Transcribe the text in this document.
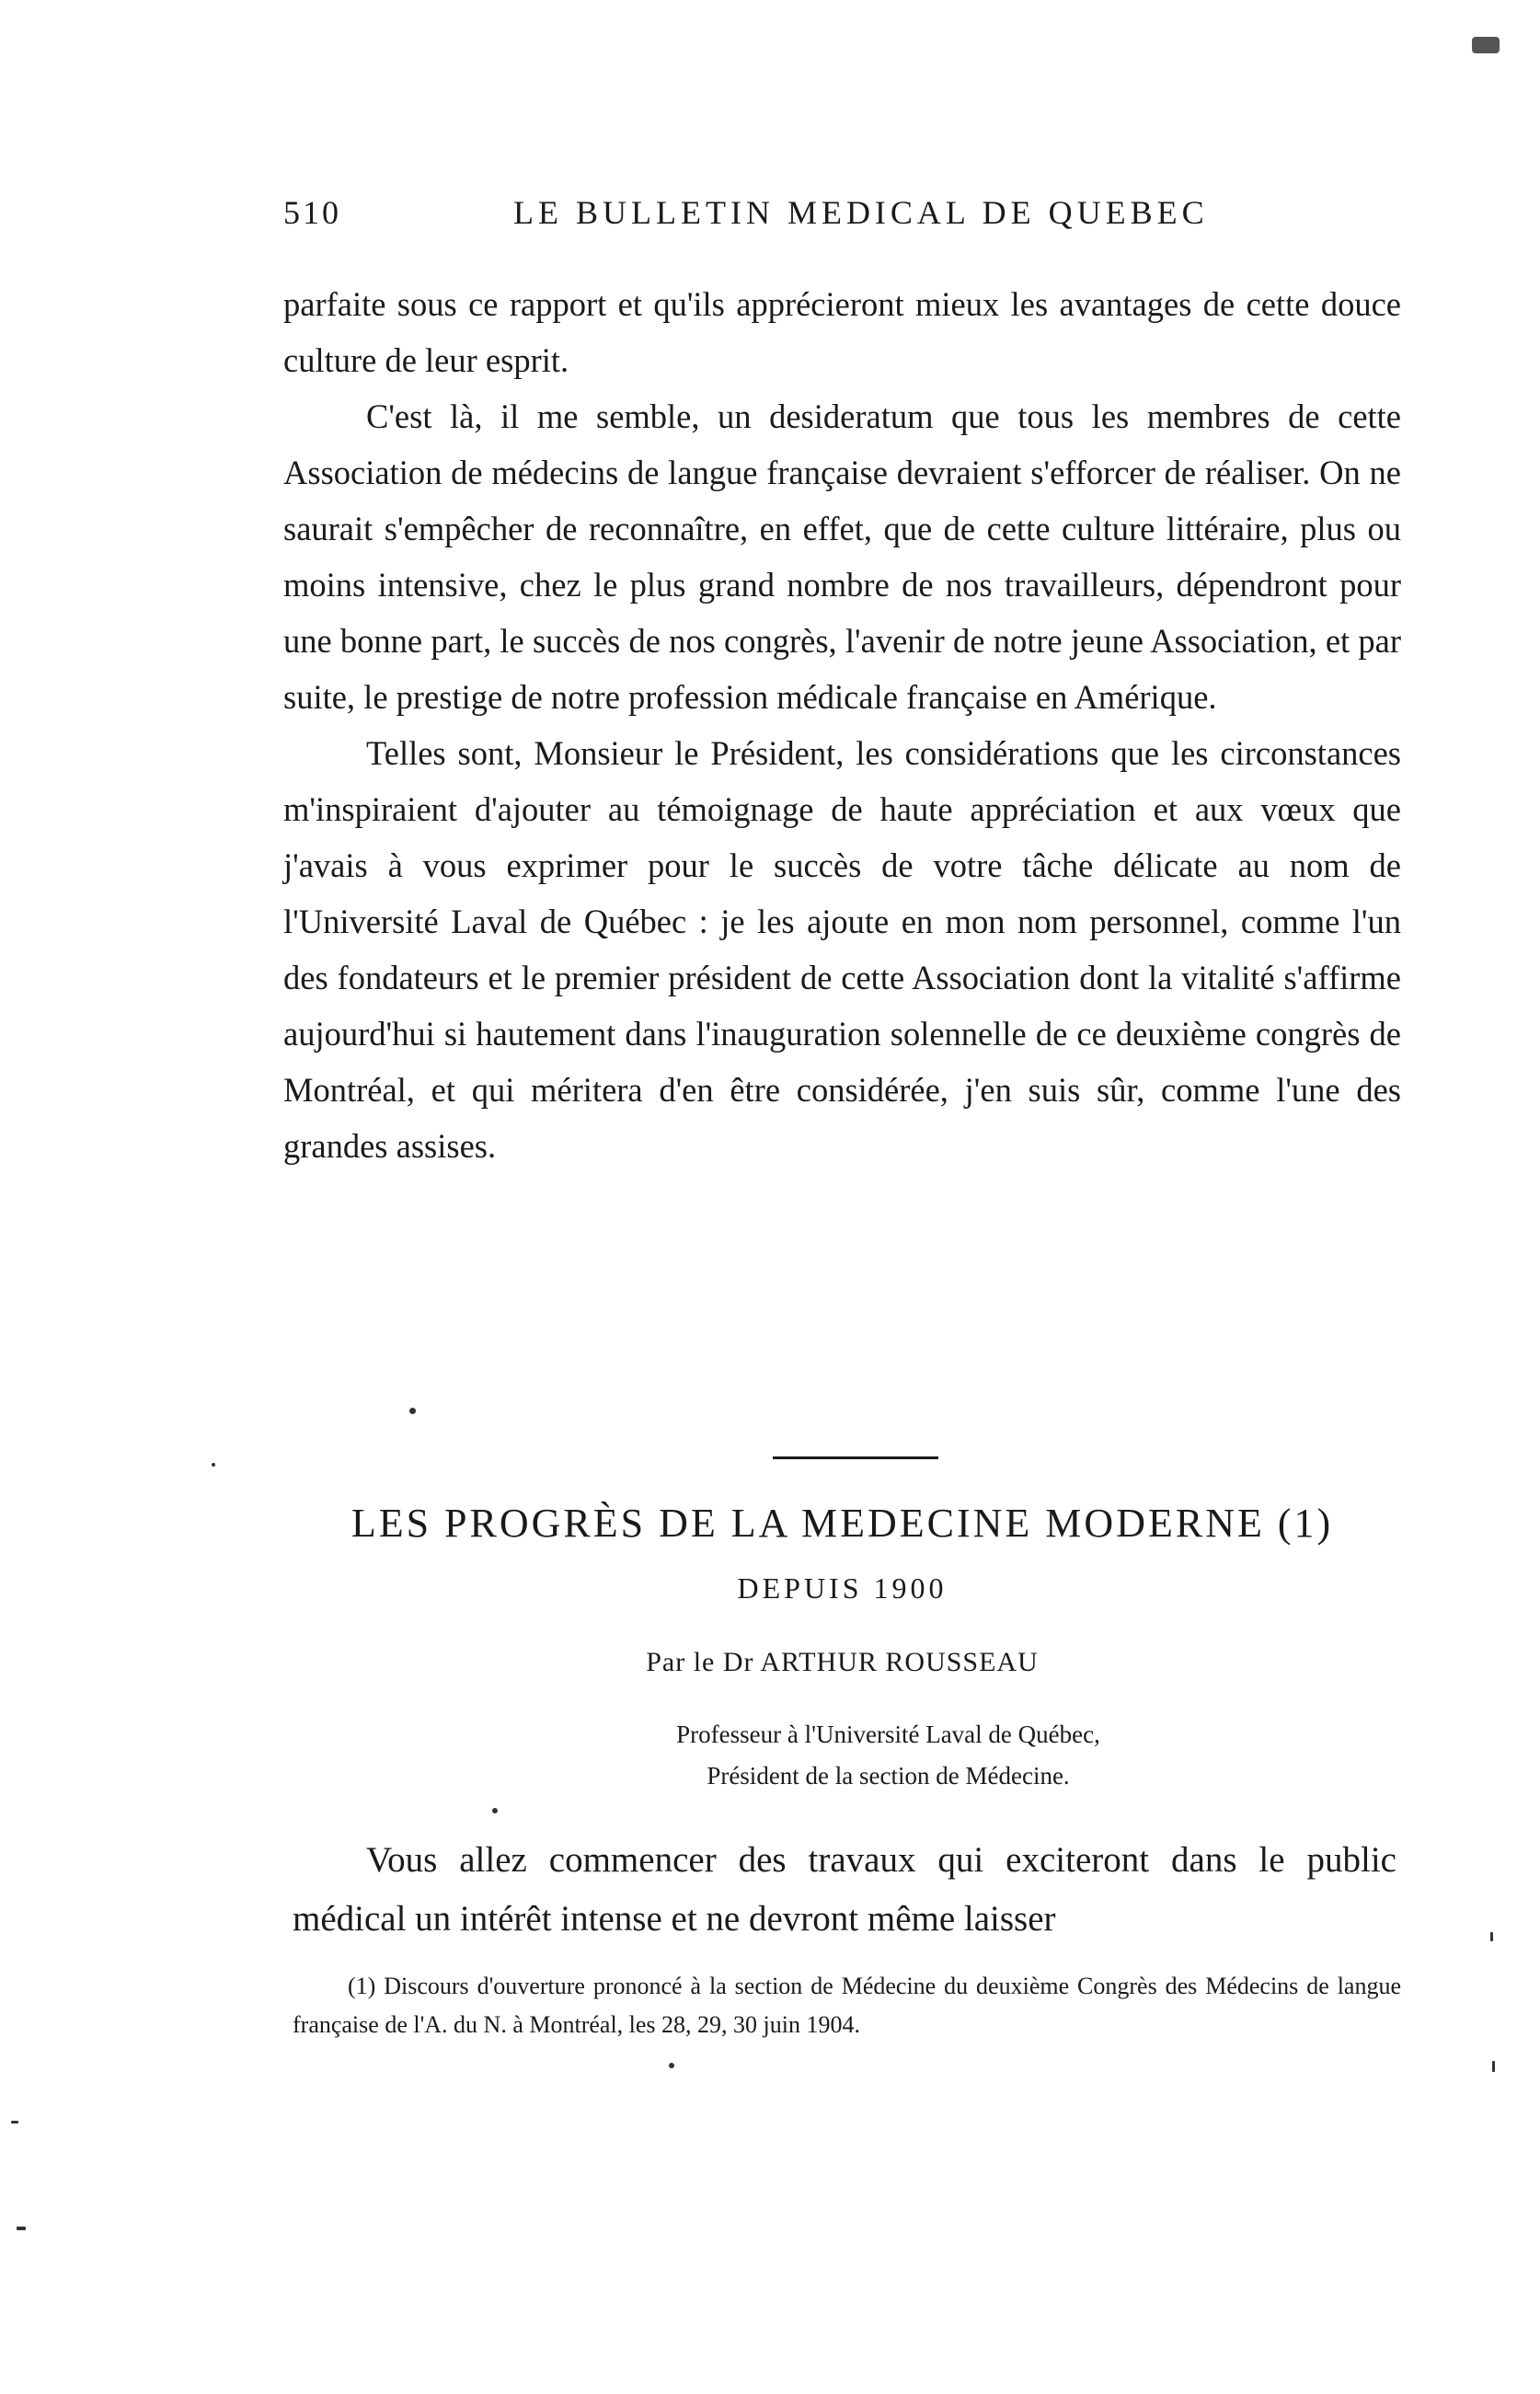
510	LE BULLETIN MEDICAL DE QUEBEC

parfaite sous ce rapport et qu'ils apprécieront mieux les avantages de cette douce culture de leur esprit.

C'est là, il me semble, un desideratum que tous les membres de cette Association de médecins de langue française devraient s'efforcer de réaliser. On ne saurait s'empêcher de reconnaître, en effet, que de cette culture littéraire, plus ou moins intensive, chez le plus grand nombre de nos travailleurs, dépendront pour une bonne part, le succès de nos congrès, l'avenir de notre jeune Association, et par suite, le prestige de notre profession médicale française en Amérique.

Telles sont, Monsieur le Président, les considérations que les circonstances m'inspiraient d'ajouter au témoignage de haute appréciation et aux vœux que j'avais à vous exprimer pour le succès de votre tâche délicate au nom de l'Université Laval de Québec : je les ajoute en mon nom personnel, comme l'un des fondateurs et le premier président de cette Association dont la vitalité s'affirme aujourd'hui si hautement dans l'inauguration solennelle de ce deuxième congrès de Montréal, et qui méritera d'en être considérée, j'en suis sûr, comme l'une des grandes assises.

LES PROGRÈS DE LA MEDECINE MODERNE (1)
DEPUIS 1900
Par le Dr ARTHUR ROUSSEAU
Professeur à l'Université Laval de Québec,
Président de la section de Médecine.

Vous allez commencer des travaux qui exciteront dans le public médical un intérêt intense et ne devront même laisser

(1) Discours d'ouverture prononcé à la section de Médecine du deuxième Congrès des Médecins de langue française de l'A. du N. à Montréal, les 28, 29, 30 juin 1904.
